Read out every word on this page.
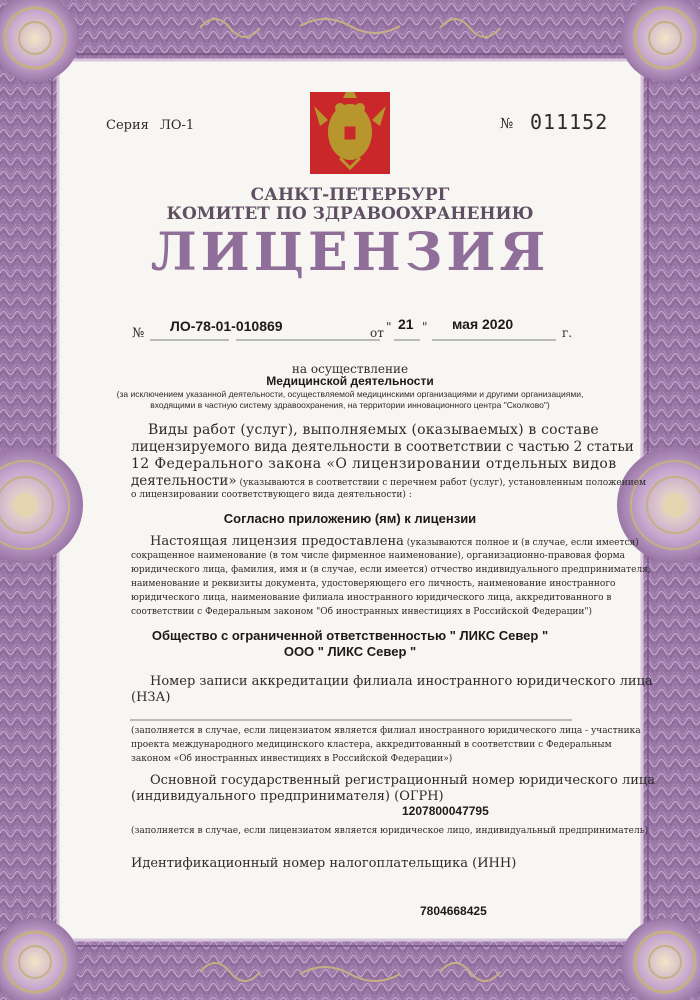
Серия ЛО-1	№ 011152

САНКТ-ПЕТЕРБУРГ

КОМИТЕТ ПО ЗДРАВООХРАНЕНИЮ

ЛИЦЕНЗИЯ

№ ЛО-78-01-010869	от " 21 " мая 2020

г.

на осуществление

Медицинской деятельности

(за исключением указанной деятельности, осуществляемой медицинскими организациями и другими организациями,

входящими в частную систему здравоохранения, на территории инновационного центра "Сколково")

Виды работ (услуг), выполняемых (оказываемых) в составе

лицензируемого вида деятельности в соответствии с частью 2 статьи

12 Федерального закона «О лицензировании отдельных видов

деятельности» (указываются в соответствии с перечнем работ (услуг), установленным положением

о лицензировании соответствующего вида деятельности) :

Согласно приложению (ям) к лицензии

Настоящая лицензия предоставлена (указываются полное и (в случае, если имеется)

сокращенное наименование (в том числе фирменное наименование), организационно-правовая форма

юридического лица, фамилия, имя и (в случае, если имеется) отчество индивидуального предпринимателя,

наименование и реквизиты документа, удостоверяющего его личность, наименование иностранного

юридического лица, наименование филиала иностранного юридического лица, аккредитованного в

соответствии с Федеральным законом "Об иностранных инвестициях в Российской Федерации")

Общество с ограниченной ответственностью " ЛИКС Север "

ООО " ЛИКС Север "

Номер записи аккредитации филиала иностранного юридического лица

(НЗА)

(заполняется в случае, если лицензиатом является филиал иностранного юридического лица - участника

проекта международного медицинского кластера, аккредитованный в соответствии с Федеральным

законом «Об иностранных инвестициях в Российской Федерации»)

Основной государственный регистрационный номер юридического лица

(индивидуального предпринимателя) (ОГРН)

1207800047795

(заполняется в случае, если лицензиатом является юридическое лицо, индивидуальный предприниматель)

Идентификационный номер налогоплательщика (ИНН)

7804668425
